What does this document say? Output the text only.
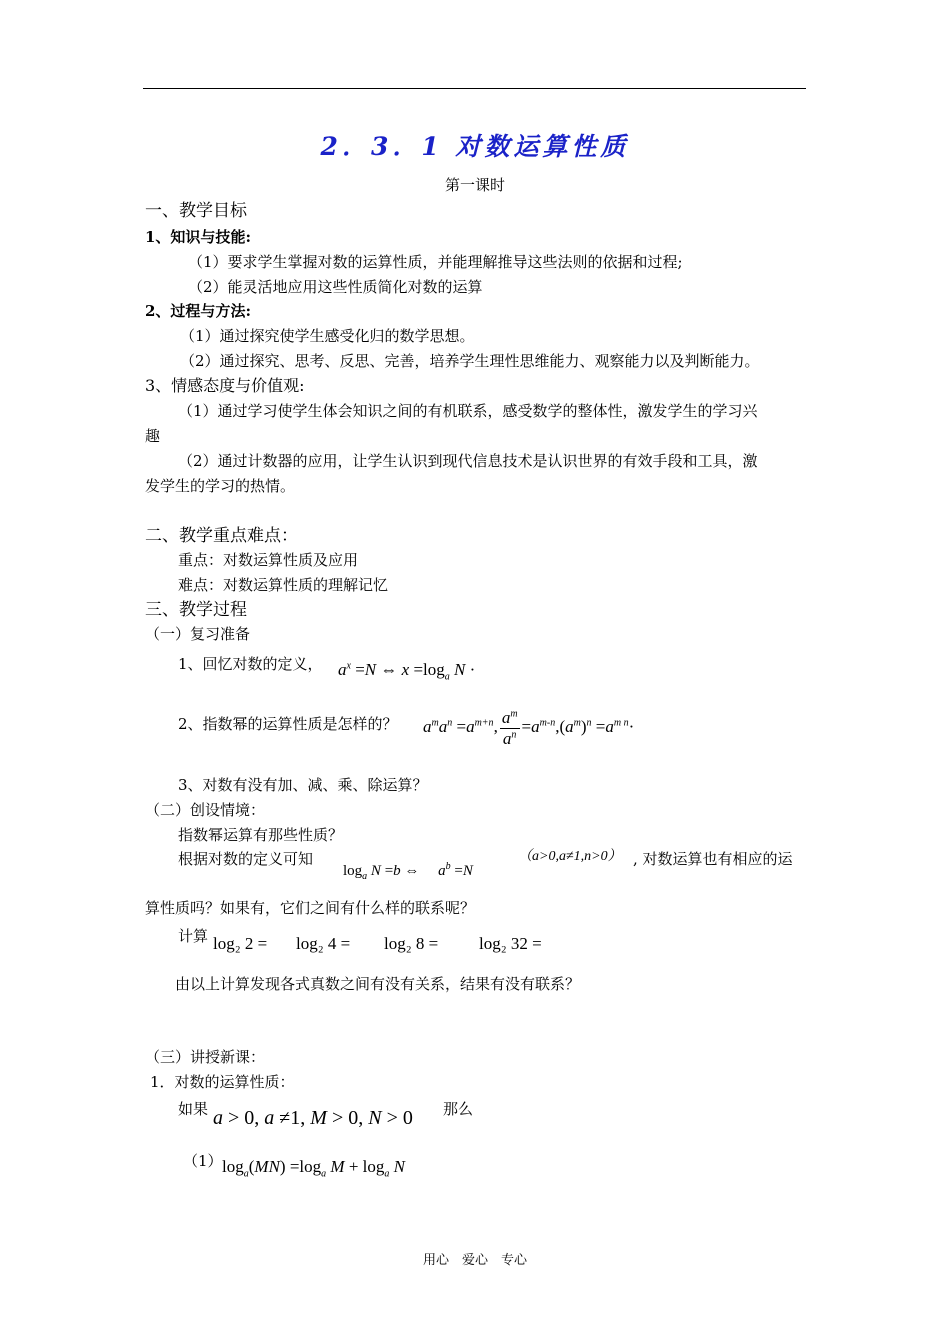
2．3．1 对数运算性质
第一课时
一、教学目标
1、知识与技能:
（1）要求学生掌握对数的运算性质，并能理解推导这些法则的依据和过程;
（2）能灵活地应用这些性质简化对数的运算
2、过程与方法:
（1）通过探究使学生感受化归的数学思想。
（2）通过探究、思考、反思、完善，培养学生理性思维能力、观察能力以及判断能力。
3、情感态度与价值观:
（1）通过学习使学生体会知识之间的有机联系，感受数学的整体性，激发学生的学习兴
趣
（2）通过计数器的应用，让学生认识到现代信息技术是认识世界的有效手段和工具，激
发学生的学习的热情。
二、教学重点难点：
重点：对数运算性质及应用
难点：对数运算性质的理解记忆
三、教学过程
（一）复习准备
1、回忆对数的定义， $a^x =N$ ⇔ $x =\log_a$ N ·
2、指数幂的运算性质是怎样的？ $a^ma^n =a^{m+n}$, $\frac{a^m}{a^n} =a^{m-n},(a^m)^n =a^{m n}\cdot$
3、对数有没有加、减、乘、除运算？
（二）创设情境：
指数幂运算有那些性质？
根据对数的定义可知
$\log_a N =b$ ⇔     $a^b =N$
（a>0,a≠1,n>0） , 对数运算也有相应的运
算性质吗？如果有，它们之间有什么样的联系呢？
计算 log₂ 2 = log₂ 4 = log₂ 8 = log₂ 32 =
由以上计算发现各式真数之间有没有关系，结果有没有联系？
（三）讲授新课：
1．对数的运算性质：
如果 a > 0, a ≠1, M > 0, N > 0 那么
（1） $\log_a(MN) =\log_a$ $M + \log_a N$
用心　爱心　专心
